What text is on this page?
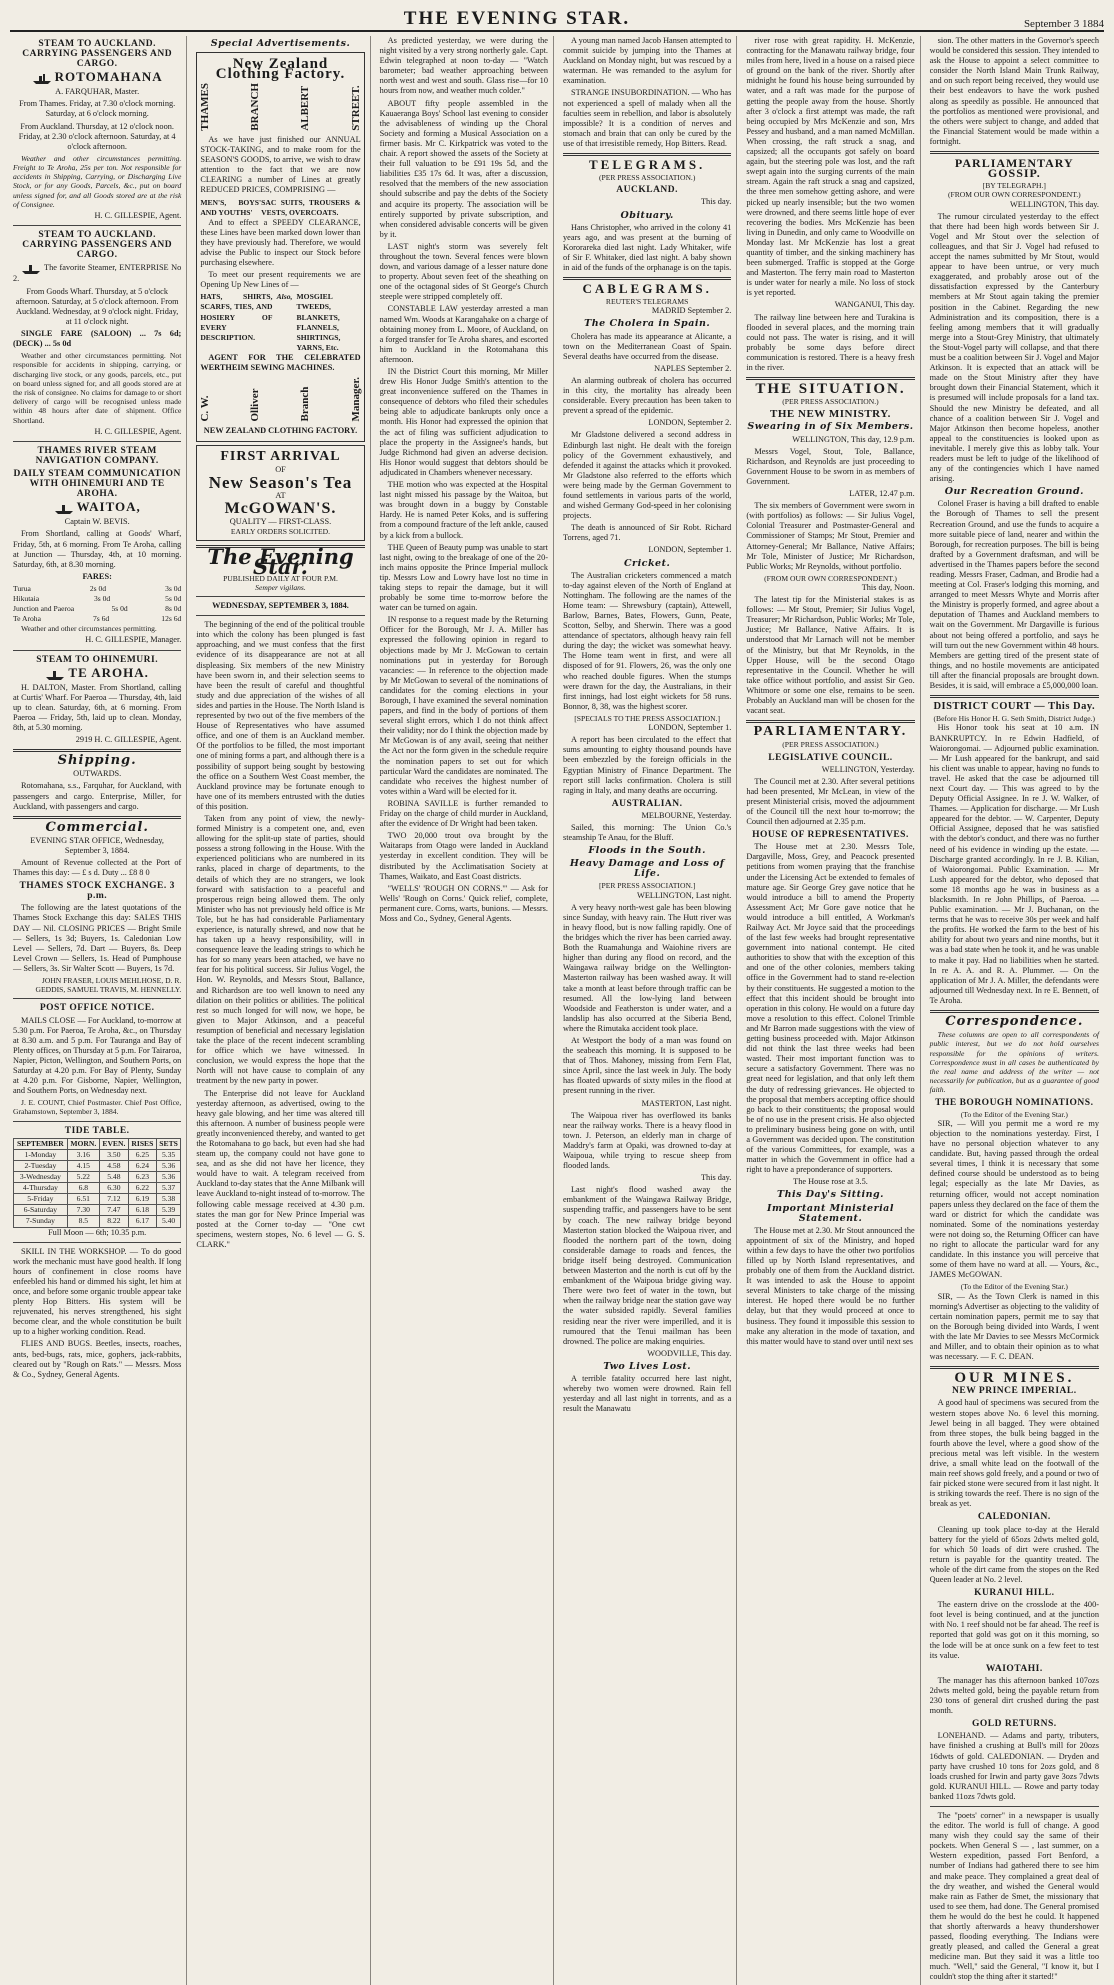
THE EVENING STAR.	September 3 1884
STEAM TO AUCKLAND. CARRYING PASSENGERS AND CARGO.
ROTOMAHANA

A. FARQUHAR, Master.

From Thames. Friday, at 7.30 o'clock morning. Saturday, at 6 o'clock morning.

From Auckland. Thursday, at 12 o'clock noon. Friday, at 2.30 o'clock afternoon. Saturday, at 4 o'clock afternoon.

Weather and other circumstances permitting. Freight to Te Aroha, 25s per ton. Not responsible for accidents in Shipping, Carrying, or Discharging Live Stock, or for any Goods, Parcels, &c., put on board unless signed for, and all Goods stored are at the risk of Consignee.

H. C. GILLESPIE, Agent.

STEAM TO AUCKLAND. CARRYING PASSENGERS AND CARGO.

The favorite Steamer, ENTERPRISE No 2.

From Goods Wharf. Thursday, at 5 o'clock afternoon. Saturday, at 5 o'clock afternoon. From Auckland. Wednesday, at 9 o'clock night. Friday, at 11 o'clock night.

SINGLE FARE (SALOON) ... 7s 6d; (DECK) ... 5s 0d

Weather and other circumstances permitting. Not responsible for accidents in shipping, carrying, or discharging live stock, or any goods, parcels, etc., put on board unless signed for, and all goods stored are at the risk of consignee. No claims for damage to or short delivery of cargo will be recognised unless made within 48 hours after date of shipment. Office Shortland.

H. C. GILLESPIE, Agent.

THAMES RIVER STEAM NAVIGATION COMPANY.
DAILY STEAM COMMUNICATION WITH OHINEMURI AND TE AROHA.
WAITOA,

Captain W. BEVIS.

From Shortland, calling at Goods' Wharf, Friday, 5th, at 6 morning. From Te Aroha, calling at Junction — Thursday, 4th, at 10 morning. Saturday, 6th, at 8.30 morning.

FARES:

Turua	2s 0d	3s 0d
Hikutaia	3s 0d	5s 0d
Junction and Paeroa	5s 0d	8s 0d
Te Aroha	7s 6d	12s 6d

Weather and other circumstances permitting.

H. C. GILLESPIE, Manager.

STEAM TO OHINEMURI.
TE AROHA.

H. DALTON, Master. From Shortland, calling at Curtis' Wharf. For Paeroa — Thursday, 4th, laid up to clean. Saturday, 6th, at 6 morning. From Paeroa — Friday, 5th, laid up to clean. Monday, 8th, at 5.30 morning.

2919 H. C. GILLESPIE, Agent.

Shipping.

OUTWARDS.

Rotomahana, s.s., Farquhar, for Auckland, with passengers and cargo. Enterprise, Miller, for Auckland, with passengers and cargo.

Commercial.

EVENING STAR OFFICE, Wednesday, September 3, 1884.

Amount of Revenue collected at the Port of Thames this day: — £ s d. Duty ... £8 8 0

THAMES STOCK EXCHANGE. 3 p.m.

The following are the latest quotations of the Thames Stock Exchange this day: SALES THIS DAY — Nil. CLOSING PRICES — Bright Smile — Sellers, 1s 3d; Buyers, 1s. Caledonian Low Level — Sellers, 7d. Dart — Buyers, 8s. Deep Level Crown — Sellers, 1s. Head of Pumphouse — Sellers, 3s. Sir Walter Scott — Buyers, 1s 7d.

JOHN FRASER, LOUIS MEHLHOSE, D. R. GEDDIS, SAMUEL TRAVIS, M. HENNELLY.

POST OFFICE NOTICE.

MAILS CLOSE — For Auckland, to-morrow at 5.30 p.m. For Paeroa, Te Aroha, &c., on Thursday at 8.30 a.m. and 5 p.m. For Tauranga and Bay of Plenty offices, on Thursday at 5 p.m. For Tairaroa, Napier, Picton, Wellington, and Southern Ports, on Saturday at 4.20 p.m. For Bay of Plenty, Sunday at 4.20 p.m. For Gisborne, Napier, Wellington, and Southern Ports, on Wednesday next.

J. E. COUNT, Chief Postmaster. Chief Post Office, Grahamstown, September 3, 1884.

TIDE TABLE.
SEPTEMBER	MORN.	EVEN.	RISES	SETS
1-Monday	3.16	3.50	6.25	5.35
2-Tuesday	4.15	4.58	6.24	5.36
3-Wednesday	5.22	5.48	6.23	5.36
4-Thursday	6.8	6.30	6.22	5.37
5-Friday	6.51	7.12	6.19	5.38
6-Saturday	7.30	7.47	6.18	5.39
7-Sunday	8.5	8.22	6.17	5.40

Full Moon — 6th; 10.35 p.m.

SKILL IN THE WORKSHOP. — To do good work the mechanic must have good health. If long hours of confinement in close rooms have enfeebled his hand or dimmed his sight, let him at once, and before some organic trouble appear take plenty Hop Bitters. His system will be rejuvenated, his nerves strengthened, his sight become clear, and the whole constitution be built up to a higher working condition. Read.

FLIES AND BUGS. Beetles, insects, roaches, ants, bed-bugs, rats, mice, gophers, jack-rabbits, cleared out by "Rough on Rats." — Messrs. Moss & Co., Sydney, General Agents.

Special Advertisements.
New Zealand Clothing Factory.
THAMES	BRANCH	ALBERT	STREET.

As we have just finished our ANNUAL STOCK-TAKING, and to make room for the SEASON'S GOODS, to arrive, we wish to draw attention to the fact that we are now CLEARING a number of Lines at greatly REDUCED PRICES, COMPRISING —

MEN'S, BOYS' AND YOUTHS'
SAC SUITS, TROUSERS & VESTS, OVERCOATS.

And to effect a SPEEDY CLEARANCE, these Lines have been marked down lower than they have previously had. Therefore, we would advise the Public to inspect our Stock before purchasing elsewhere.

To meet our present requirements we are Opening Up New Lines of —

HATS, SHIRTS, SCARFS, TIES, AND HOSIERY OF EVERY DESCRIPTION.
Also, MOSGIEL TWEEDS, BLANKETS, FLANNELS, SHIRTINGS, YARNS, Etc.

AGENT FOR THE CELEBRATED WERTHEIM SEWING MACHINES.

C. W.	Olliver	Branch	Manager.

NEW ZEALAND CLOTHING FACTORY.

FIRST ARRIVAL
OF
New Season's Tea
AT
McGOWAN'S.
QUALITY — FIRST-CLASS.
EARLY ORDERS SOLICITED.
The Evening Star.
PUBLISHED DAILY AT FOUR P.M.
Semper vigilans.
WEDNESDAY, SEPTEMBER 3, 1884.

The beginning of the end of the political trouble into which the colony has been plunged is fast approaching, and we must confess that the first evidence of its disappearance are not at all displeasing. Six members of the new Ministry have been sworn in, and their selection seems to have been the result of careful and thoughtful study and due appreciation of the wishes of all sides and parties in the House. The North Island is represented by two out of the five members of the House of Representatives who have assumed office, and one of them is an Auckland member. Of the portfolios to be filled, the most important one of mining forms a part, and although there is a possibility of support being sought by bestowing the office on a Southern West Coast member, the Auckland province may be fortunate enough to have one of its members entrusted with the duties of this position.

Taken from any point of view, the newly-formed Ministry is a competent one, and, even allowing for the split-up state of parties, should possess a strong following in the House. With the experienced politicians who are numbered in its ranks, placed in charge of departments, to the details of which they are no strangers, we look forward with satisfaction to a peaceful and prosperous reign being allowed them. The only Minister who has not previously held office is Mr Tole, but he has had considerable Parliamentary experience, is naturally shrewd, and now that he has taken up a heavy responsibility, will in consequence leave the leading strings to which he has for so many years been attached, we have no fear for his political success. Sir Julius Vogel, the Hon. W. Reynolds, and Messrs Stout, Ballance, and Richardson are too well known to need any dilation on their politics or abilities. The political rest so much longed for will now, we hope, be given to Major Atkinson, and a peaceful resumption of beneficial and necessary legislation take the place of the recent indecent scrambling for office which we have witnessed. In conclusion, we would express the hope that the North will not have cause to complain of any treatment by the new party in power.

The Enterprise did not leave for Auckland yesterday afternoon, as advertised, owing to the heavy gale blowing, and her time was altered till this afternoon. A number of business people were greatly inconvenienced thereby, and wanted to get the Rotomahana to go back, but even had she had steam up, the company could not have gone to sea, and as she did not have her licence, they would have to wait. A telegram received from Auckland to-day states that the Anne Milbank will leave Auckland to-night instead of to-morrow. The following cable message received at 4.30 p.m. states the man gor for New Prince Imperial was posted at the Corner to-day — "One cwt specimens, western stopes, No. 6 level — G. S. CLARK."

As predicted yesterday, we were during the night visited by a very strong northerly gale. Capt. Edwin telegraphed at noon to-day — "Watch barometer; bad weather approaching between north west and west and south. Glass rise—for 10 hours from now, and weather much colder."

ABOUT fifty people assembled in the Kauaeranga Boys' School last evening to consider the advisableness of winding up the Choral Society and forming a Musical Association on a firmer basis. Mr C. Kirkpatrick was voted to the chair. A report showed the assets of the Society at their full valuation to be £91 19s 5d, and the liabilities £35 17s 6d. It was, after a discussion, resolved that the members of the new association should subscribe and pay the debts of the Society and acquire its property. The association will be entirely supported by private subscription, and when considered advisable concerts will be given by it.

LAST night's storm was severely felt throughout the town. Several fences were blown down, and various damage of a lesser nature done to property. About seven feet of the sheathing on one of the octagonal sides of St George's Church steeple were stripped completely off.

CONSTABLE LAW yesterday arrested a man named Wm. Woods at Karangahake on a charge of obtaining money from L. Moore, of Auckland, on a forged transfer for Te Aroha shares, and escorted him to Auckland in the Rotomahana this afternoon.

IN the District Court this morning, Mr Miller drew His Honor Judge Smith's attention to the great inconvenience suffered on the Thames in consequence of debtors who filed their schedules being able to adjudicate bankrupts only once a month. His Honor had expressed the opinion that the act of filing was sufficient adjudication to place the property in the Assignee's hands, but Judge Richmond had given an adverse decision. His Honor would suggest that debtors should be adjudicated in Chambers whenever necessary.

THE motion who was expected at the Hospital last night missed his passage by the Waitoa, but was brought down in a buggy by Constable Hardy. He is named Peter Koks, and is suffering from a compound fracture of the left ankle, caused by a kick from a bullock.

THE Queen of Beauty pump was unable to start last night, owing to the breakage of one of the 20-inch mains opposite the Prince Imperial mullock tip. Messrs Low and Lowry have lost no time in taking steps to repair the damage, but it will probably be some time to-morrow before the water can be turned on again.

IN response to a request made by the Returning Officer for the Borough, Mr J. A. Miller has expressed the following opinion in regard to objections made by Mr J. McGowan to certain nominations put in yesterday for Borough vacancies: — In reference to the objection made by Mr McGowan to several of the nominations of candidates for the coming elections in your Borough, I have examined the several nomination papers, and find in the body of portions of them several slight errors, which I do not think affect their validity; nor do I think the objection made by Mr McGowan is of any avail, seeing that neither the Act nor the form given in the schedule require the nomination papers to set out for which particular Ward the candidates are nominated. The candidate who receives the highest number of votes within a Ward will be elected for it.

ROBINA SAVILLE is further remanded to Friday on the charge of child murder in Auckland, after the evidence of Dr Wright had been taken.

TWO 20,000 trout ova brought by the Waitaraps from Otago were landed in Auckland yesterday in excellent condition. They will be distributed by the Acclimatisation Society at Thames, Waikato, and East Coast districts.

"WELLS' 'ROUGH ON CORNS.'" — Ask for Wells' 'Rough on Corns.' Quick relief, complete, permanent cure. Corns, warts, bunions. — Messrs. Moss and Co., Sydney, General Agents.

A young man named Jacob Hansen attempted to commit suicide by jumping into the Thames at Auckland on Monday night, but was rescued by a waterman. He was remanded to the asylum for examination.

STRANGE INSUBORDINATION. — Who has not experienced a spell of malady when all the faculties seem in rebellion, and labor is absolutely impossible? It is a condition of nerves and stomach and brain that can only be cured by the use of that irresistible remedy, Hop Bitters. Read.

TELEGRAMS.
(PER PRESS ASSOCIATION.)
AUCKLAND.

This day.

Obituary.

Hans Christopher, who arrived in the colony 41 years ago, and was present at the burning of Kororareka died last night. Lady Whitaker, wife of Sir F. Whitaker, died last night. A baby shown in aid of the funds of the orphanage is on the tapis.

CABLEGRAMS.
REUTER'S TELEGRAMS

MADRID September 2.

The Cholera in Spain.

Cholera has made its appearance at Alicante, a town on the Mediterranean Coast of Spain. Several deaths have occurred from the disease.

NAPLES September 2.

An alarming outbreak of cholera has occurred in this city, the mortality has already been considerable. Every precaution has been taken to prevent a spread of the epidemic.

LONDON, September 2.

Mr Gladstone delivered a second address in Edinburgh last night. He dealt with the foreign policy of the Government exhaustively, and defended it against the attacks which it provoked. Mr Gladstone also referred to the efforts which were being made by the German Government to found settlements in various parts of the world, and wished Germany God-speed in her colonising projects.

The death is announced of Sir Robt. Richard Torrens, aged 71.

LONDON, September 1.

Cricket.

The Australian cricketers commenced a match to-day against eleven of the North of England at Nottingham. The following are the names of the Home team: — Shrewsbury (captain), Attewell, Barlow, Barnes, Bates, Flowers, Gunn, Peate, Scotton, Selby, and Sherwin. There was a good attendance of spectators, although heavy rain fell during the day; the wicket was somewhat heavy. The Home team went in first, and were all disposed of for 91. Flowers, 26, was the only one who reached double figures. When the stumps were drawn for the day, the Australians, in their first innings, had lost eight wickets for 58 runs. Bonnor, 8, 38, was the highest scorer.

[SPECIALS TO THE PRESS ASSOCIATION.]

LONDON, September 1.

A report has been circulated to the effect that sums amounting to eighty thousand pounds have been embezzled by the foreign officials in the Egyptian Ministry of Finance Department. The report still lacks confirmation. Cholera is still raging in Italy, and many deaths are occurring.

AUSTRALIAN.

MELBOURNE, Yesterday.

Sailed, this morning: The Union Co.'s steamship Te Anau, for the Bluff.

Floods in the South.
Heavy Damage and Loss of Life.
[PER PRESS ASSOCIATION.]

WELLINGTON, Last night.

A very heavy north-west gale has been blowing since Sunday, with heavy rain. The Hutt river was in heavy flood, but is now falling rapidly. One of the bridges which the river has been carried away. Both the Ruamahunga and Waiohine rivers are higher than during any flood on record, and the Waingawa railway bridge on the Wellington-Masterton railway has been washed away. It will take a month at least before through traffic can be resumed. All the low-lying land between Woodside and Featherston is under water, and a landslip has also occurred at the Siberia Bend, where the Rimutaka accident took place.

At Westport the body of a man was found on the seabeach this morning. It is supposed to be that of Thos. Mahoney, missing from Fern Flat, since April, since the last week in July. The body has floated upwards of sixty miles in the flood at present running in the river.

MASTERTON, Last night.

The Waipoua river has overflowed its banks near the railway works. There is a heavy flood in town. J. Peterson, an elderly man in charge of Maddry's farm at Opaki, was drowned to-day at Waipoua, while trying to rescue sheep from flooded lands.

This day.

Last night's flood washed away the embankment of the Waingawa Railway Bridge, suspending traffic, and passengers have to be sent by coach. The new railway bridge beyond Masterton station blocked the Waipoua river, and flooded the northern part of the town, doing considerable damage to roads and fences, the bridge itself being destroyed. Communication between Masterton and the north is cut off by the embankment of the Waipoua bridge giving way. There were two feet of water in the town, but when the railway bridge near the station gave way the water subsided rapidly. Several families residing near the river were imperilled, and it is rumoured that the Tenui mailman has been drowned. The police are making enquiries.

WOODVILLE, This day.

Two Lives Lost.

A terrible fatality occurred here last night, whereby two women were drowned. Rain fell yesterday and all last night in torrents, and as a result the Manawatu

river rose with great rapidity. H. McKenzie, contracting for the Manawatu railway bridge, four miles from here, lived in a house on a raised piece of ground on the bank of the river. Shortly after midnight he found his house being surrounded by water, and a raft was made for the purpose of getting the people away from the house. Shortly after 3 o'clock a first attempt was made, the raft being occupied by Mrs McKenzie and son, Mrs Pessey and husband, and a man named McMillan. When crossing, the raft struck a snag, and capsized; all the occupants got safely on board again, but the steering pole was lost, and the raft swept again into the surging currents of the main stream. Again the raft struck a snag and capsized, the three men somehow getting ashore, and were picked up nearly insensible; but the two women were drowned, and there seems little hope of ever recovering the bodies. Mrs McKenzie has been living in Dunedin, and only came to Woodville on Monday last. Mr McKenzie has lost a great quantity of timber, and the sinking machinery has been submerged. Traffic is stopped at the Gorge and Masterton. The ferry main road to Masterton is under water for nearly a mile. No loss of stock is yet reported.

WANGANUI, This day.

The railway line between here and Turakina is flooded in several places, and the morning train could not pass. The water is rising, and it will probably be some days before direct communication is restored. There is a heavy fresh in the river.

THE SITUATION.
(PER PRESS ASSOCIATION.)
THE NEW MINISTRY.
Swearing in of Six Members.

WELLINGTON, This day, 12.9 p.m.

Messrs Vogel, Stout, Tole, Ballance, Richardson, and Reynolds are just proceeding to Government House to be sworn in as members of Government.

LATER, 12.47 p.m.

The six members of Government were sworn in (with portfolios) as follows: — Sir Julius Vogel, Colonial Treasurer and Postmaster-General and Commissioner of Stamps; Mr Stout, Premier and Attorney-General; Mr Ballance, Native Affairs; Mr Tole, Minister of Justice; Mr Richardson, Public Works; Mr Reynolds, without portfolio.

(FROM OUR OWN CORRESPONDENT.)

This day, Noon.

The latest tip for the Ministerial stakes is as follows: — Mr Stout, Premier; Sir Julius Vogel, Treasurer; Mr Richardson, Public Works; Mr Tole, Justice; Mr Ballance, Native Affairs. It is understood that Mr Larnach will not be member of the Ministry, but that Mr Reynolds, in the Upper House, will be the second Otago representative in the Council. Whether he will take office without portfolio, and assist Sir Geo. Whitmore or some one else, remains to be seen. Probably an Auckland man will be chosen for the vacant seat.

PARLIAMENTARY.
(PER PRESS ASSOCIATION.)
LEGISLATIVE COUNCIL.

WELLINGTON, Yesterday.

The Council met at 2.30. After several petitions had been presented, Mr McLean, in view of the present Ministerial crisis, moved the adjournment of the Council till the next hour to-morrow; the Council then adjourned at 2.35 p.m.

HOUSE OF REPRESENTATIVES.

The House met at 2.30. Messrs Tole, Dargaville, Moss, Grey, and Peacock presented petitions from women praying that the franchise under the Licensing Act be extended to females of mature age. Sir George Grey gave notice that he would introduce a bill to amend the Property Assessment Act; Mr Gore gave notice that he would introduce a bill entitled, A Workman's Railway Act. Mr Joyce said that the proceedings of the last few weeks had brought representative government into national contempt. He cited authorities to show that with the exception of this and one of the other colonies, members taking office in the Government had to stand re-election by their constituents. He suggested a motion to the effect that this incident should be brought into operation in this colony. He would on a future day move a resolution to this effect. Colonel Trimble and Mr Barron made suggestions with the view of getting business proceeded with. Major Atkinson did not think the last three weeks had been wasted. Their most important function was to secure a satisfactory Government. There was no great need for legislation, and that only left them the duty of redressing grievances. He objected to the proposal that members accepting office should go back to their constituents; the proposal would be of no use in the present crisis. He also objected to preliminary business being gone on with, until a Government was decided upon. The constitution of the various Committees, for example, was a matter in which the Government in office had a right to have a preponderance of supporters.

The House rose at 3.5.

This Day's Sitting.
Important Ministerial Statement.

The House met at 2.30. Mr Stout announced the appointment of six of the Ministry, and hoped within a few days to have the other two portfolios filled up by North Island representatives, and probably one of them from the Auckland district. It was intended to ask the House to appoint several Ministers to take charge of the missing interest. He hoped there would be no further delay, but that they would proceed at once to business. They found it impossible this session to make any alteration in the mode of taxation, and this matter would have to stand over until next ses

sion. The other matters in the Governor's speech would be considered this session. They intended to ask the House to appoint a select committee to consider the North Island Main Trunk Railway, and on such report being received, they would use their best endeavors to have the work pushed along as speedily as possible. He announced that the portfolios as mentioned were provisional, and the others were subject to change, and added that the Financial Statement would be made within a fortnight.

PARLIAMENTARY GOSSIP.
[BY TELEGRAPH.]
(FROM OUR OWN CORRESPONDENT.)

WELLINGTON, This day.

The rumour circulated yesterday to the effect that there had been high words between Sir J. Vogel and Mr Stout over the selection of colleagues, and that Sir J. Vogel had refused to accept the names submitted by Mr Stout, would appear to have been untrue, or very much exaggerated, and probably arose out of the dissatisfaction expressed by the Canterbury members at Mr Stout again taking the premier position in the Cabinet. Regarding the new Administration and its composition, there is a feeling among members that it will gradually merge into a Stout-Grey Ministry, that ultimately the Stout-Vogel party will collapse, and that there must be a coalition between Sir J. Vogel and Major Atkinson. It is expected that an attack will be made on the Stout Ministry after they have brought down their Financial Statement, which it is presumed will include proposals for a land tax. Should the new Ministry be defeated, and all chance of a coalition between Sir J. Vogel and Major Atkinson then become hopeless, another appeal to the constituencies is looked upon as inevitable. I merely give this as lobby talk. Your readers must be left to judge of the likelihood of any of the contingencies which I have named arising.

Our Recreation Ground.

Colonel Fraser is having a bill drafted to enable the Borough of Thames to sell the present Recreation Ground, and use the funds to acquire a more suitable piece of land, nearer and within the Borough, for recreation purposes. The bill is being drafted by a Government draftsman, and will be advertised in the Thames papers before the second reading. Messrs Fraser, Cadman, and Brodie had a meeting at Col. Fraser's lodging this morning, and arranged to meet Messrs Whyte and Morris after the Ministry is properly formed, and agree about a deputation of Thames and Auckland members to wait on the Government. Mr Dargaville is furious about not being offered a portfolio, and says he will turn out the new Government within 48 hours. Members are getting tired of the present state of things, and no hostile movements are anticipated till after the financial proposals are brought down. Besides, it is said, will embrace a £5,000,000 loan.

DISTRICT COURT — This Day.
(Before His Honor H. G. Seth Smith, District Judge.)

His Honor took his seat at 10 a.m. IN BANKRUPTCY. In re Edwin Hadfield, of Waiorongomai. — Adjourned public examination. — Mr Lush appeared for the bankrupt, and said his client was unable to appear, having no funds to travel. He asked that the case be adjourned till next Court day. — This was agreed to by the Deputy Official Assignee. In re J. W. Walker, of Thames. — Application for discharge. — Mr Lush appeared for the debtor. — W. Carpenter, Deputy Official Assignee, deposed that he was satisfied with the debtor's conduct, and there was no further need of his evidence in winding up the estate. — Discharge granted accordingly. In re J. B. Kilian, of Waiorongomai. Public Examination. — Mr Lush appeared for the debtor, who deposed that some 18 months ago he was in business as a blacksmith. In re John Phillips, of Paeroa. — Public examination. — Mr J. Buchanan, on the terms that he was to receive 30s per week and half the profits. He worked the farm to the best of his ability for about two years and nine months, but it was a bad state when he took it, and he was unable to make it pay. Had no liabilities when he started. In re A. A. and R. A. Plummer. — On the application of Mr J. A. Miller, the defendants were adjourned till Wednesday next. In re E. Bennett, of Te Aroha.

Correspondence.

These columns are open to all correspondents of public interest, but we do not hold ourselves responsible for the opinions of writers. Correspondence must in all cases be authenticated by the real name and address of the writer — not necessarily for publication, but as a guarantee of good faith.

THE BOROUGH NOMINATIONS.
(To the Editor of the Evening Star.)

SIR, — Will you permit me a word re my objection to the nominations yesterday. First, I have no personal objection whatever to any candidate. But, having passed through the ordeal several times, I think it is necessary that some defined course should be understood as to being legal; especially as the late Mr Davies, as returning officer, would not accept nomination papers unless they declared on the face of them the ward or district for which the candidate was nominated. Some of the nominations yesterday were not doing so, the Returning Officer can have no right to allocate the particular ward for any candidate. In this instance you will perceive that some of them have no ward at all. — Yours, &c., JAMES McGOWAN.

(To the Editor of the Evening Star.)

SIR, — As the Town Clerk is named in this morning's Advertiser as objecting to the validity of certain nomination papers, permit me to say that on the Borough being divided into Wards, I went with the late Mr Davies to see Messrs McCormick and Miller, and to obtain their opinion as to what was necessary. — F. C. DEAN.

OUR MINES.
NEW PRINCE IMPERIAL.

A good haul of specimens was secured from the western stopes above No. 6 level this morning. Jewel being in all bagged. They were obtained from three stopes, the bulk being bagged in the fourth above the level, where a good show of the precious metal was left visible. In the western drive, a small white lead on the footwall of the main reef shows gold freely, and a pound or two of fair picked stone were secured from it last night. It is striking towards the reef. There is no sign of the break as yet.

CALEDONIAN.

Cleaning up took place to-day at the Herald battery for the yield of 65ozs 2dwts melted gold, for which 50 loads of dirt were crushed. The return is payable for the quantity treated. The whole of the dirt came from the stopes on the Red Queen leader at No. 2 level.

KURANUI HILL.

The eastern drive on the crosslode at the 400-foot level is being continued, and at the junction with No. 1 reef should not be far ahead. The reef is reported that gold was got on it this morning, so the lode will be at once sunk on a few feet to test its value.

WAIOTAHI.

The manager has this afternoon banked 107ozs 2dwts melted gold, being the payable return from 230 tons of general dirt crushed during the past month.

GOLD RETURNS.

LONEHAND. — Adams and party, tributers, have finished a crushing at Bull's mill for 20ozs 16dwts of gold. CALEDONIAN. — Dryden and party have crushed 10 tons for 2ozs gold, and 8 loads crushed for Irwin and party gave 3ozs 7dwts gold. KURANUI HILL. — Rowe and party today banked 11ozs 7dwts gold.

The "poets' corner" in a newspaper is usually the editor. The world is full of change. A good many wish they could say the same of their pockets. When General S — , last summer, on a Western expedition, passed Fort Benford, a number of Indians had gathered there to see him and make peace. They complained a great deal of the dry weather, and wished the General would make rain as Father de Smet, the missionary that used to see them, had done. The General promised them he would do the best he could. It happened that shortly afterwards a heavy thundershower passed, flooding everything. The Indians were greatly pleased, and called the General a great medicine man. But they said it was a little too much. "Well," said the General, "I know it, but I couldn't stop the thing after it started!"
